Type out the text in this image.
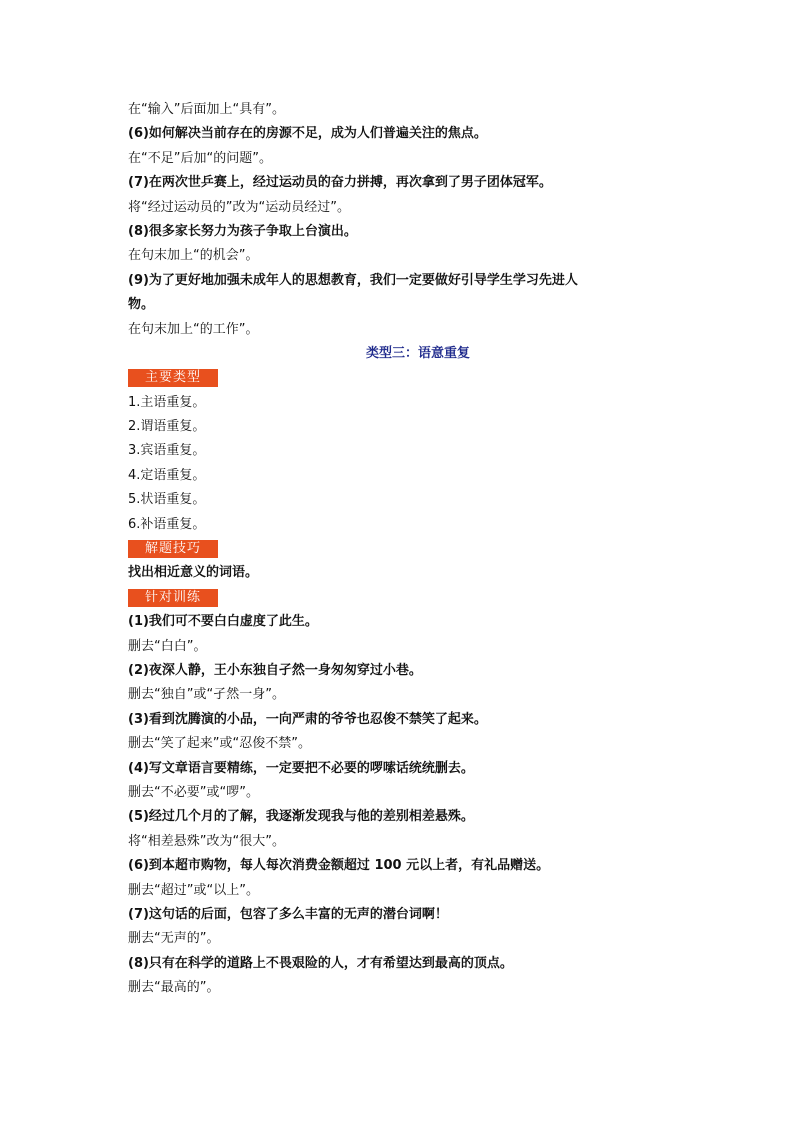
在“输入”后面加上“具有”。
(6)如何解决当前存在的房源不足，成为人们普遍关注的焦点。
在“不足”后加“的问题”。
(7)在两次世乒赛上，经过运动员的奋力拼搏，再次拿到了男子团体冠军。
将“经过运动员的”改为“运动员经过”。
(8)很多家长努力为孩子争取上台演出。
在句末加上“的机会”。
(9)为了更好地加强未成年人的思想教育，我们一定要做好引导学生学习先进人
物。
在句末加上“的工作”。
类型三：语意重复
主要类型
1.主语重复。
2.谓语重复。
3.宾语重复。
4.定语重复。
5.状语重复。
6.补语重复。
解题技巧
找出相近意义的词语。
针对训练
(1)我们可不要白白虚度了此生。
删去“白白”。
(2)夜深人静，王小东独自孑然一身匆匆穿过小巷。
删去“独自”或“孑然一身”。
(3)看到沈腾演的小品，一向严肃的爷爷也忍俊不禁笑了起来。
删去“笑了起来”或“忍俊不禁”。
(4)写文章语言要精练，一定要把不必要的啰嗦话统统删去。
删去“不必要”或“啰”。
(5)经过几个月的了解，我逐渐发现我与他的差别相差悬殊。
将“相差悬殊”改为“很大”。
(6)到本超市购物，每人每次消费金额超过 100 元以上者，有礼品赠送。
删去“超过”或“以上”。
(7)这句话的后面，包容了多么丰富的无声的潜台词啊！
删去“无声的”。
(8)只有在科学的道路上不畏艰险的人，才有希望达到最高的顶点。
删去“最高的”。
